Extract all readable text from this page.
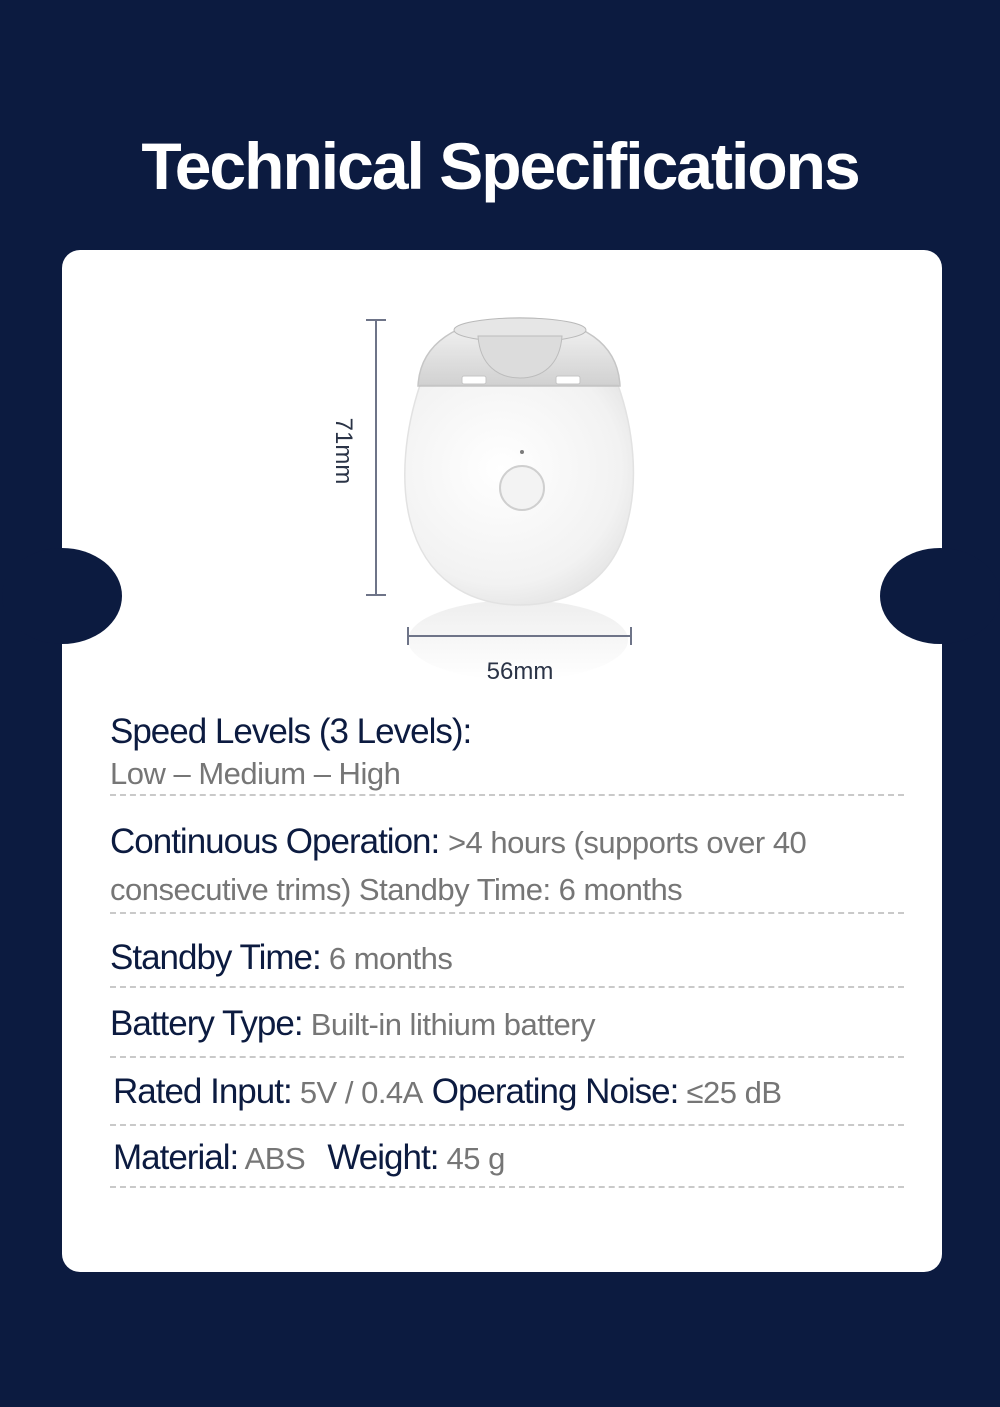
Technical Specifications
71mm
56mm
Speed Levels (3 Levels):
Low – Medium – High
Continuous Operation: >4 hours (supports over 40
consecutive trims) Standby Time: 6 months
Standby Time: 6 months
Battery Type: Built-in lithium battery
Rated Input: 5V / 0.4A Operating Noise: ≤25 dB
Material: ABS Weight: 45 g
